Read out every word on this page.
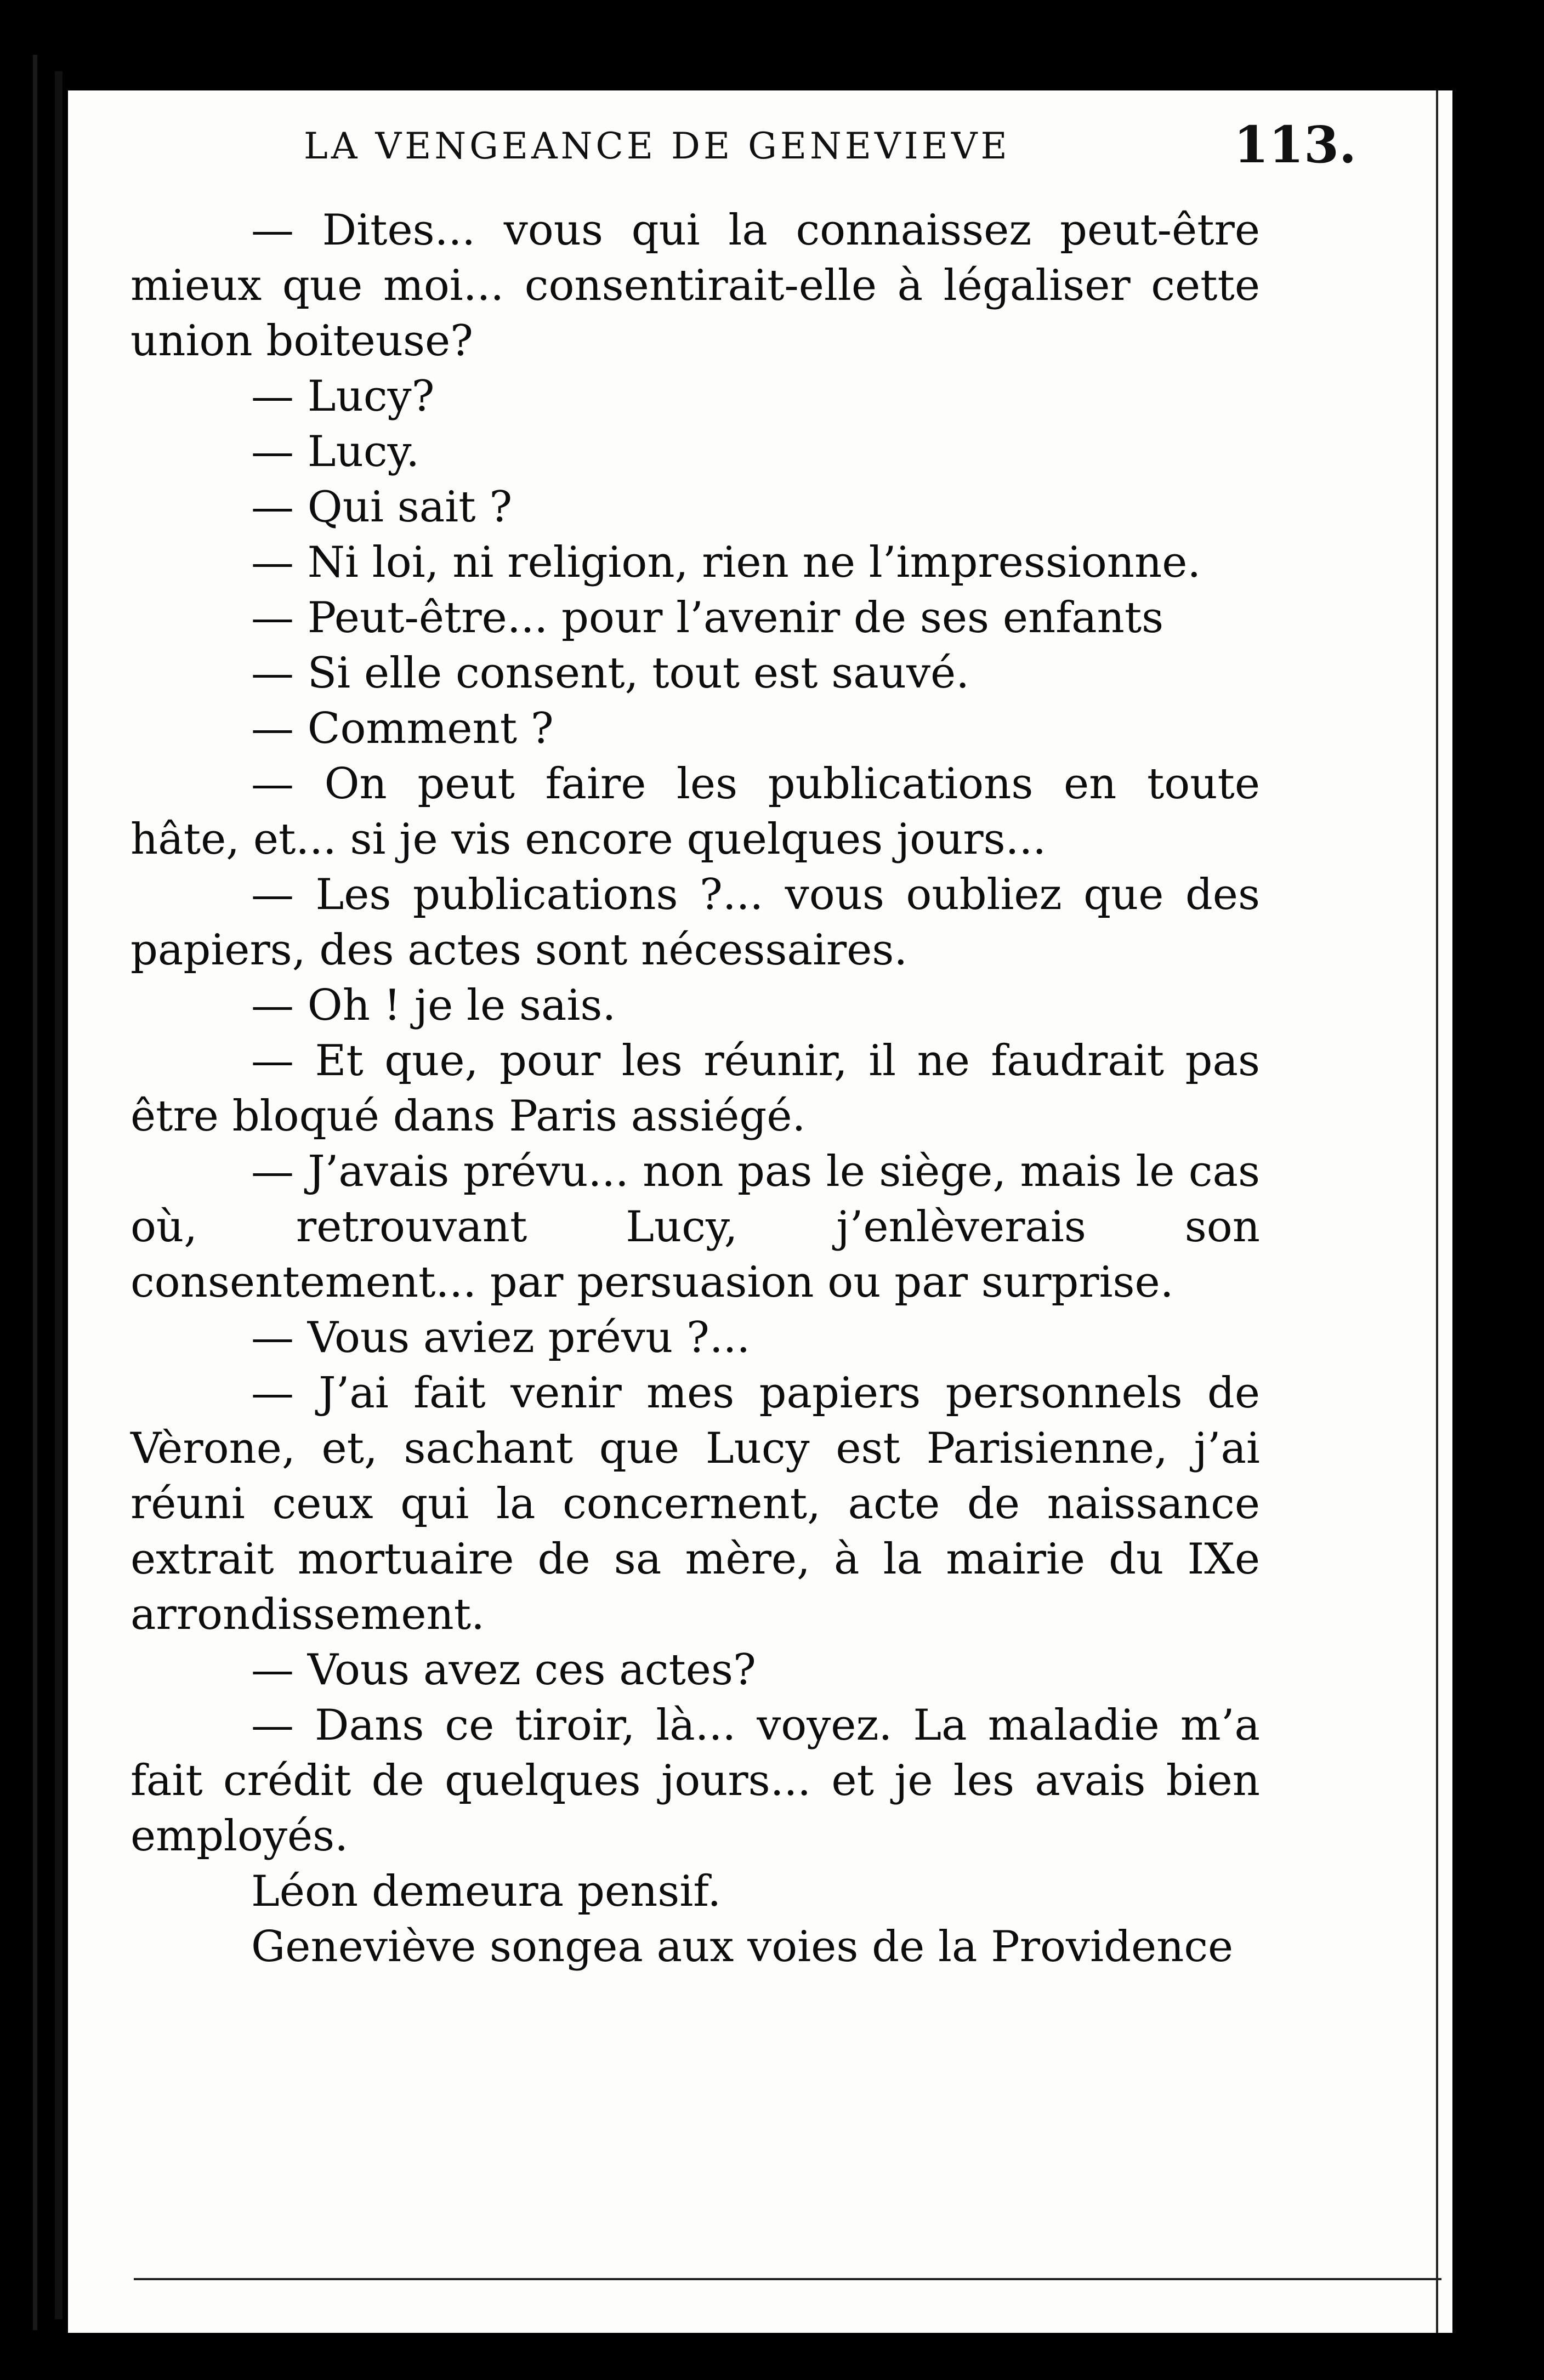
LA VENGEANCE DE GENEVIEVE	113.

— Dites... vous qui la connaissez peut-être mieux que moi... consentirait-elle à légaliser cette union boiteuse?

— Lucy?

— Lucy.

— Qui sait ?

— Ni loi, ni religion, rien ne l’impressionne.

— Peut-être... pour l’avenir de ses enfants

— Si elle consent, tout est sauvé.

— Comment ?

— On peut faire les publications en toute hâte, et... si je vis encore quelques jours...

— Les publications ?... vous oubliez que des papiers, des actes sont nécessaires.

— Oh ! je le sais.

— Et que, pour les réunir, il ne faudrait pas être bloqué dans Paris assiégé.

— J’avais prévu... non pas le siège, mais le cas où, retrouvant Lucy, j’enlèverais son consentement... par persuasion ou par surprise.

— Vous aviez prévu ?...

— J’ai fait venir mes papiers personnels de Vèrone, et, sachant que Lucy est Parisienne, j’ai réuni ceux qui la concernent, acte de naissance extrait mortuaire de sa mère, à la mairie du IXe arrondissement.

— Vous avez ces actes?

— Dans ce tiroir, là... voyez. La maladie m’a fait crédit de quelques jours... et je les avais bien employés.

Léon demeura pensif.

Geneviève songea aux voies de la Providence
